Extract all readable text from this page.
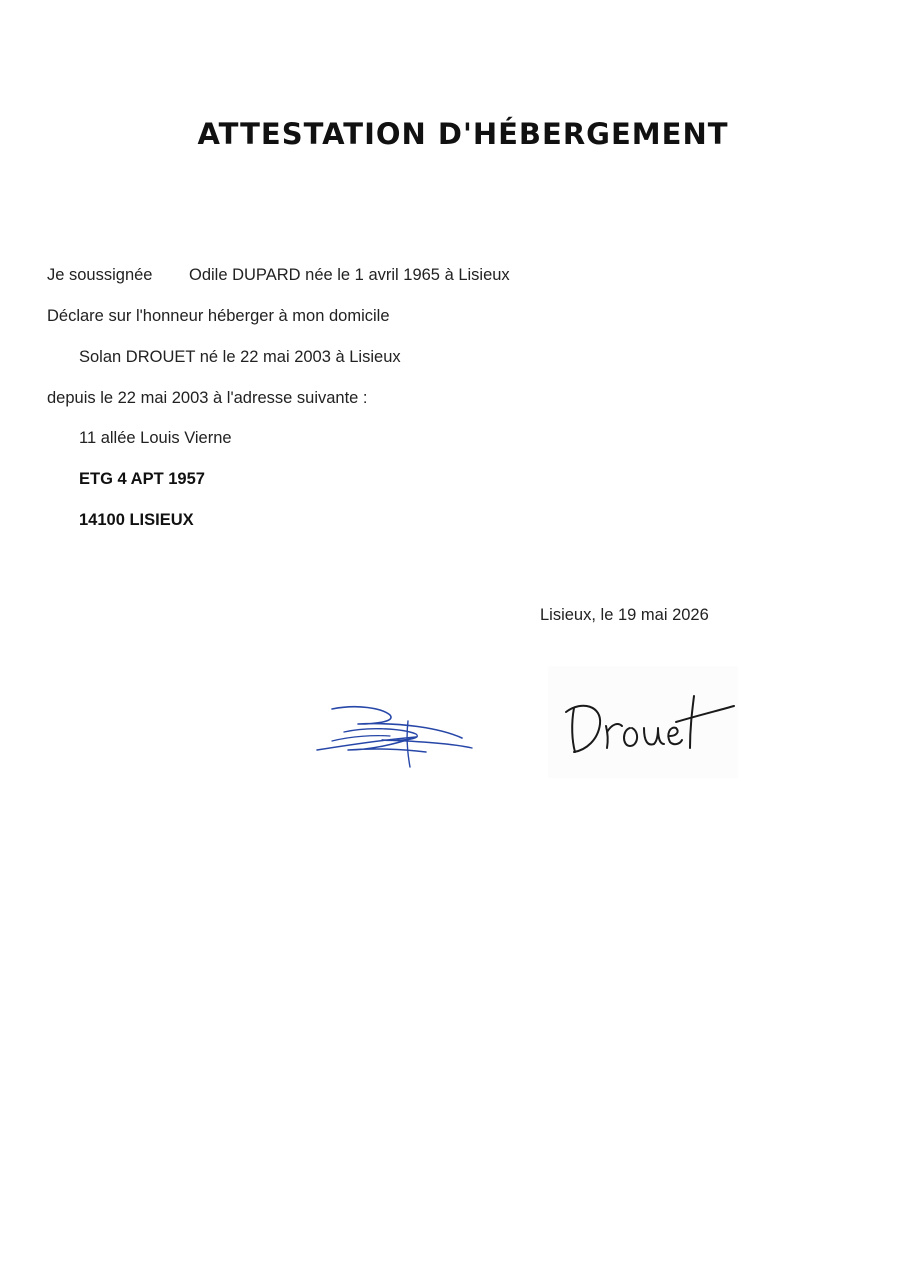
ATTESTATION D'HÉBERGEMENT
Je soussignée Odile DUPARD née le 1 avril 1965 à Lisieux
Déclare sur l'honneur héberger à mon domicile
Solan DROUET né le 22 mai 2003 à Lisieux
depuis le 22 mai 2003 à l'adresse suivante :
11 allée Louis Vierne
ETG 4 APT 1957
14100 LISIEUX
Lisieux, le 19 mai 2026
